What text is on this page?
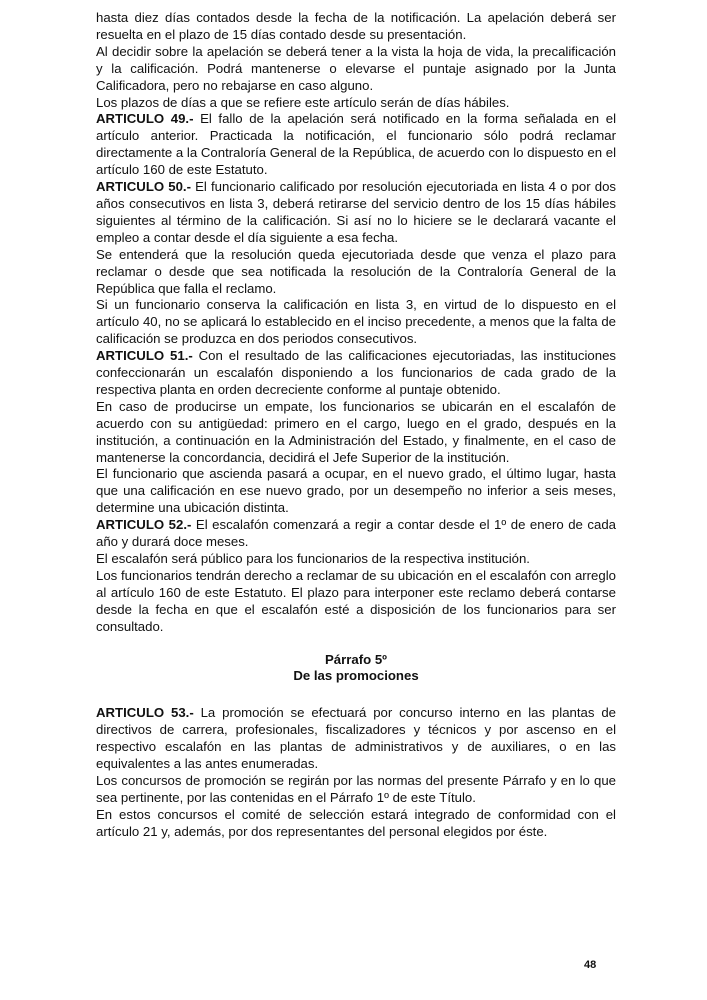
hasta diez días contados desde la fecha de la notificación. La apelación deberá ser resuelta en el plazo de 15 días contado desde su presentación.

Al decidir sobre la apelación se deberá tener a la vista la hoja de vida, la precalificación y la calificación. Podrá mantenerse o elevarse el puntaje asignado por la Junta Calificadora, pero no rebajarse en caso alguno.

Los plazos de días a que se refiere este artículo serán de días hábiles.

ARTICULO 49.- El fallo de la apelación será notificado en la forma señalada en el artículo anterior. Practicada la notificación, el funcionario sólo podrá reclamar directamente a la Contraloría General de la República, de acuerdo con lo dispuesto en el artículo 160 de este Estatuto.

ARTICULO 50.- El funcionario calificado por resolución ejecutoriada en lista 4 o por dos años consecutivos en lista 3, deberá retirarse del servicio dentro de los 15 días hábiles siguientes al término de la calificación. Si así no lo hiciere se le declarará vacante el empleo a contar desde el día siguiente a esa fecha.

Se entenderá que la resolución queda ejecutoriada desde que venza el plazo para reclamar o desde que sea notificada la resolución de la Contraloría General de la República que falla el reclamo.

Si un funcionario conserva la calificación en lista 3, en virtud de lo dispuesto en el artículo 40, no se aplicará lo establecido en el inciso precedente, a menos que la falta de calificación se produzca en dos periodos consecutivos.

ARTICULO 51.- Con el resultado de las calificaciones ejecutoriadas, las instituciones confeccionarán un escalafón disponiendo a los funcionarios de cada grado de la respectiva planta en orden decreciente conforme al puntaje obtenido.

En caso de producirse un empate, los funcionarios se ubicarán en el escalafón de acuerdo con su antigüedad: primero en el cargo, luego en el grado, después en la institución, a continuación en la Administración del Estado, y finalmente, en el caso de mantenerse la concordancia, decidirá el Jefe Superior de la institución.

El funcionario que ascienda pasará a ocupar, en el nuevo grado, el último lugar, hasta que una calificación en ese nuevo grado, por un desempeño no inferior a seis meses, determine una ubicación distinta.

ARTICULO 52.- El escalafón comenzará a regir a contar desde el 1º de enero de cada año y durará doce meses.

El escalafón será público para los funcionarios de la respectiva institución.

Los funcionarios tendrán derecho a reclamar de su ubicación en el escalafón con arreglo al artículo 160 de este Estatuto. El plazo para interponer este reclamo deberá contarse desde la fecha en que el escalafón esté a disposición de los funcionarios para ser consultado.

Párrafo 5º
De las promociones

ARTICULO 53.- La promoción se efectuará por concurso interno en las plantas de directivos de carrera, profesionales, fiscalizadores y técnicos y por ascenso en el respectivo escalafón en las plantas de administrativos y de auxiliares, o en las equivalentes a las antes enumeradas.

Los concursos de promoción se regirán por las normas del presente Párrafo y en lo que sea pertinente, por las contenidas en el Párrafo 1º de este Título.

En estos concursos el comité de selección estará integrado de conformidad con el artículo 21 y, además, por dos representantes del personal elegidos por éste.

48
